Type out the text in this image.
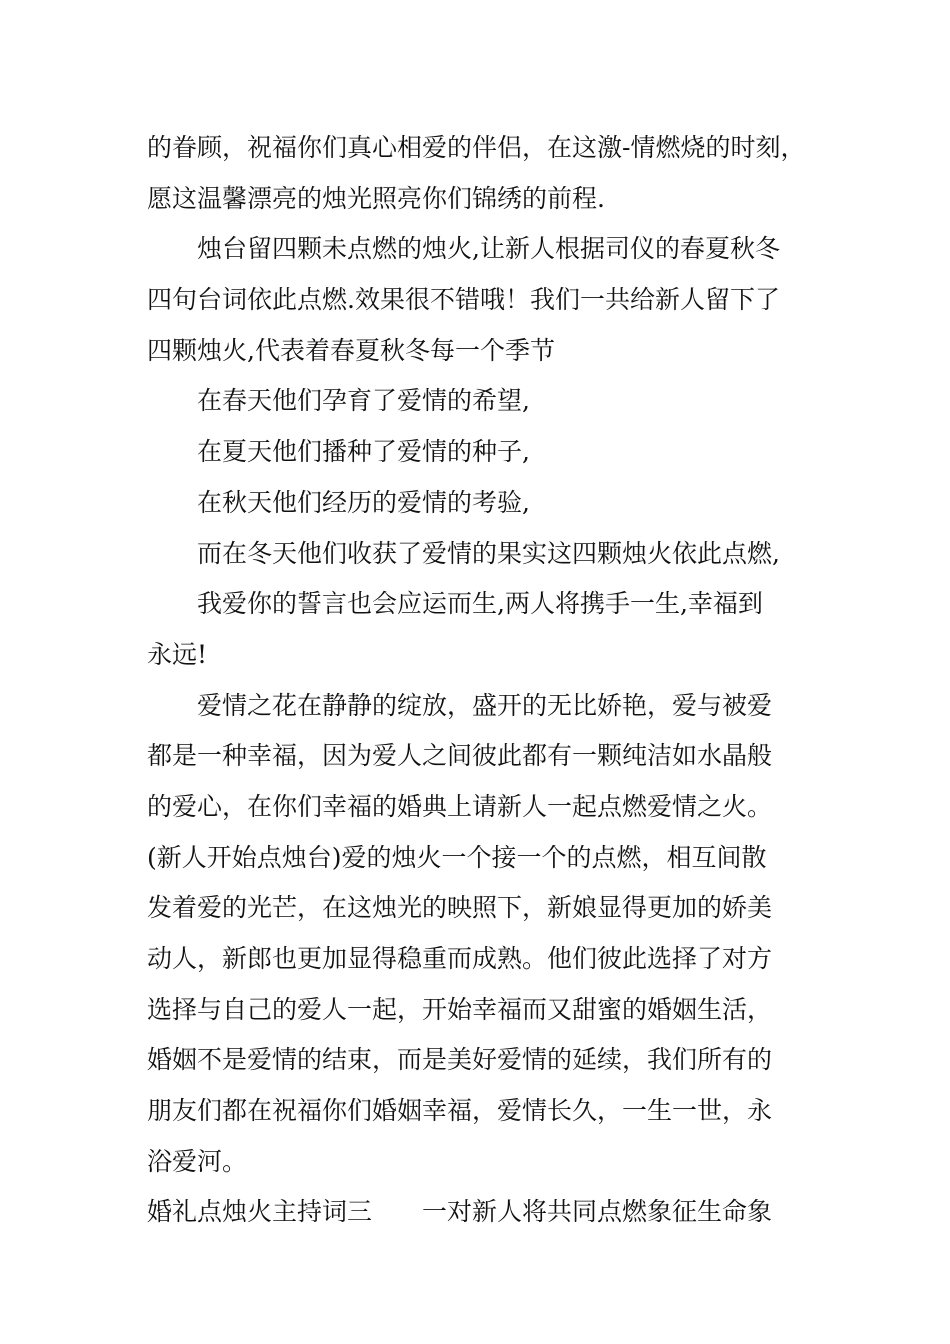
的眷顾，祝福你们真心相爱的伴侣，在这激-情燃烧的时刻，
愿这温馨漂亮的烛光照亮你们锦绣的前程.
烛台留四颗未点燃的烛火,让新人根据司仪的春夏秋冬
四句台词依此点燃.效果很不错哦！我们一共给新人留下了
四颗烛火,代表着春夏秋冬每一个季节
在春天他们孕育了爱情的希望,
在夏天他们播种了爱情的种子,
在秋天他们经历的爱情的考验,
而在冬天他们收获了爱情的果实这四颗烛火依此点燃,
我爱你的誓言也会应运而生,两人将携手一生,幸福到
永远!
爱情之花在静静的绽放，盛开的无比娇艳，爱与被爱
都是一种幸福，因为爱人之间彼此都有一颗纯洁如水晶般
的爱心，在你们幸福的婚典上请新人一起点燃爱情之火。
(新人开始点烛台)爱的烛火一个接一个的点燃，相互间散
发着爱的光芒，在这烛光的映照下，新娘显得更加的娇美
动人，新郎也更加显得稳重而成熟。他们彼此选择了对方
选择与自己的爱人一起，开始幸福而又甜蜜的婚姻生活，
婚姻不是爱情的结束，而是美好爱情的延续，我们所有的
朋友们都在祝福你们婚姻幸福，爱情长久，一生一世，永
浴爱河。
婚礼点烛火主持词三　　一对新人将共同点燃象征生命象
